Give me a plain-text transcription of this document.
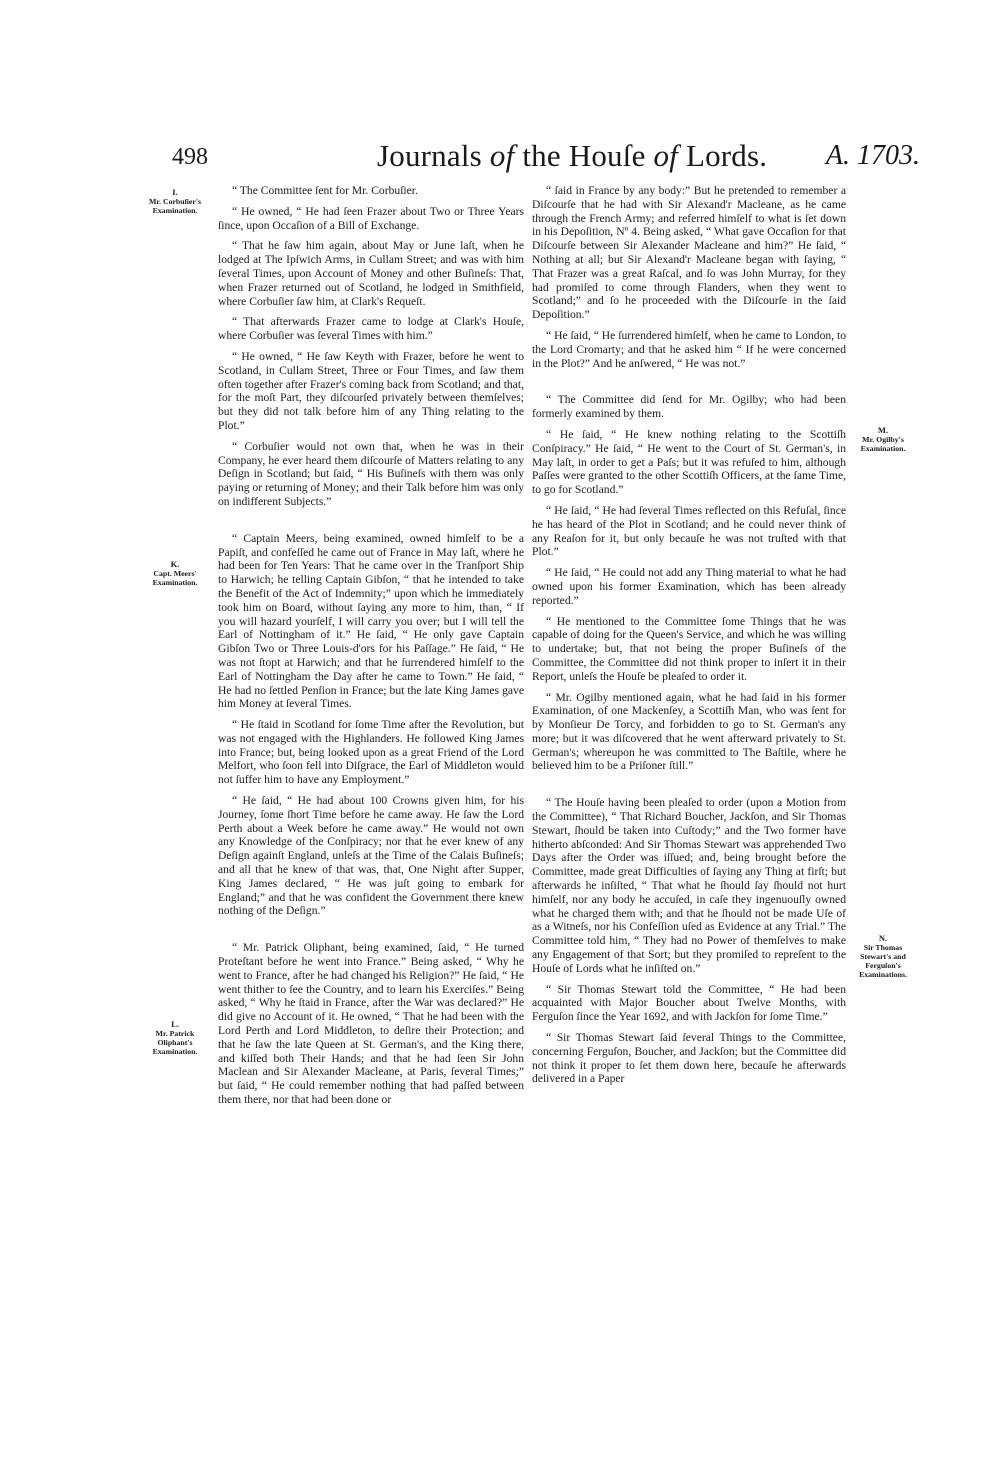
498	Journals of the Houſe of Lords. A. 1703.
I.
Mr. Corbuſier's Examination.
K.
Capt. Meers' Examination.
L.
Mr. Patrick Oliphant's Examination.
M.
Mr. Ogilby's Examination.
N.
Sir Thomas Stewart's and Ferguſon's Examinations.

“ The Committee ſent for Mr. Corbuſier.

“ He owned, “ He had ſeen Frazer about Two or Three Years ſince, upon Occaſion of a Bill of Exchange.

“ That he ſaw him again, about May or June laſt, when he lodged at The Ipſwich Arms, in Cullam Street; and was with him ſeveral Times, upon Account of Money and other Buſineſs: That, when Frazer returned out of Scotland, he lodged in Smithfield, where Corbuſier ſaw him, at Clark's Requeſt.

“ That afterwards Frazer came to lodge at Clark's Houſe, where Corbuſier was ſeveral Times with him.”

“ He owned, “ He ſaw Keyth with Frazer, before he went to Scotland, in Cullam Street, Three or Four Times, and ſaw them often together after Frazer's coming back from Scotland; and that, for the moſt Part, they diſcourſed privately between themſelves; but they did not talk before him of any Thing relating to the Plot.”

“ Corbuſier would not own that, when he was in their Company, he ever heard them diſcourſe of Matters relating to any Deſign in Scotland; but ſaid, “ His Buſineſs with them was only paying or returning of Money; and their Talk before him was only on indifferent Subjects.”

“ Captain Meers, being examined, owned himſelf to be a Papiſt, and confeſſed he came out of France in May laſt, where he had been for Ten Years: That he came over in the Tranſport Ship to Harwich; he telling Captain Gibſon, “ that he intended to take the Benefit of the Act of Indemnity;” upon which he immediately took him on Board, without ſaying any more to him, than, “ If you will hazard yourſelf, I will carry you over; but I will tell the Earl of Nottingham of it.” He ſaid, “ He only gave Captain Gibſon Two or Three Louis-d'ors for his Paſſage.” He ſaid, “ He was not ſtopt at Harwich; and that he ſurrendered himſelf to the Earl of Nottingham the Day after he came to Town.” He ſaid, “ He had no ſettled Penſion in France; but the late King James gave him Money at ſeveral Times.

“ He ſtaid in Scotland for ſome Time after the Revolution, but was not engaged with the Highlanders. He followed King James into France; but, being looked upon as a great Friend of the Lord Melfort, who ſoon fell into Diſgrace, the Earl of Middleton would not ſuffer him to have any Employment.”

“ He ſaid, “ He had about 100 Crowns given him, for his Journey, ſome ſhort Time before he came away. He ſaw the Lord Perth about a Week before he came away.” He would not own any Knowledge of the Conſpiracy; nor that he ever knew of any Deſign againſt England, unleſs at the Time of the Calais Buſineſs; and all that he knew of that was, that, One Night after Supper, King James declared, “ He was juſt going to embark for England;” and that he was confident the Government there knew nothing of the Deſign.”

“ Mr. Patrick Oliphant, being examined, ſaid, “ He turned Proteſtant before he went into France.” Being asked, “ Why he went to France, after he had changed his Religion?” He ſaid, “ He went thither to ſee the Country, and to learn his Exerciſes.” Being asked, “ Why he ſtaid in France, after the War was declared?” He did give no Account of it. He owned, “ That he had been with the Lord Perth and Lord Middleton, to deſire their Protection; and that he ſaw the late Queen at St. German's, and the King there, and kiſſed both Their Hands; and that he had ſeen Sir John Maclean and Sir Alexander Macleane, at Paris, ſeveral Times;” but ſaid, “ He could remember nothing that had paſſed between them there, nor that had been done or

“ ſaid in France by any body:” But he pretended to remember a Diſcourſe that he had with Sir Alexand'r Macleane, as he came through the French Army; and referred himſelf to what is ſet down in his Depoſition, Nº 4. Being asked, “ What gave Occaſion for that Diſcourſe between Sir Alexander Macleane and him?” He ſaid, “ Nothing at all; but Sir Alexand'r Macleane began with ſaying, “ That Frazer was a great Raſcal, and ſo was John Murray, for they had promiſed to come through Flanders, when they went to Scotland;” and ſo he proceeded with the Diſcourſe in the ſaid Depoſition.”

“ He ſaid, “ He ſurrendered himſelf, when he came to London, to the Lord Cromarty; and that he asked him “ If he were concerned in the Plot?” And he anſwered, “ He was not.”

“ The Committee did ſend for Mr. Ogilby; who had been formerly examined by them.

“ He ſaid, “ He knew nothing relating to the Scottiſh Conſpiracy.” He ſaid, “ He went to the Court of St. German's, in May laſt, in order to get a Paſs; but it was refuſed to him, although Paſſes were granted to the other Scottiſh Officers, at the ſame Time, to go for Scotland.”

“ He ſaid, “ He had ſeveral Times reflected on this Refuſal, ſince he has heard of the Plot in Scotland; and he could never think of any Reaſon for it, but only becauſe he was not truſted with that Plot.”

“ He ſaid, “ He could not add any Thing material to what he had owned upon his former Examination, which has been already reported.”

“ He mentioned to the Committee ſome Things that he was capable of doing for the Queen's Service, and which he was willing to undertake; but, that not being the proper Buſineſs of the Committee, the Committee did not think proper to inſert it in their Report, unleſs the Houſe be pleaſed to order it.

“ Mr. Ogilby mentioned again, what he had ſaid in his former Examination, of one Mackenſey, a Scottiſh Man, who was ſent for by Monſieur De Torcy, and forbidden to go to St. German's any more; but it was diſcovered that he went afterward privately to St. German's; whereupon he was committed to The Baſtile, where he believed him to be a Priſoner ſtill.”

“ The Houſe having been pleaſed to order (upon a Motion from the Committee), “ That Richard Boucher, Jackſon, and Sir Thomas Stewart, ſhould be taken into Cuſtody;” and the Two former have hitherto abſconded: And Sir Thomas Stewart was apprehended Two Days after the Order was iſſued; and, being brought before the Committee, made great Difficulties of ſaying any Thing at firſt; but afterwards he inſiſted, “ That what he ſhould ſay ſhould not hurt himſelf, nor any body he accuſed, in caſe they ingenuouſly owned what he charged them with; and that he ſhould not be made Uſe of as a Witneſs, nor his Confeſſion uſed as Evidence at any Trial.” The Committee told him, “ They had no Power of themſelves to make any Engagement of that Sort; but they promiſed to repreſent to the Houſe of Lords what he inſiſted on.”

“ Sir Thomas Stewart told the Committee, “ He had been acquainted with Major Boucher about Twelve Months, with Ferguſon ſince the Year 1692, and with Jackſon for ſome Time.”

“ Sir Thomas Stewart ſaid ſeveral Things to the Committee, concerning Ferguſon, Boucher, and Jackſon; but the Committee did not think it proper to ſet them down here, becauſe he afterwards delivered in a Paper
